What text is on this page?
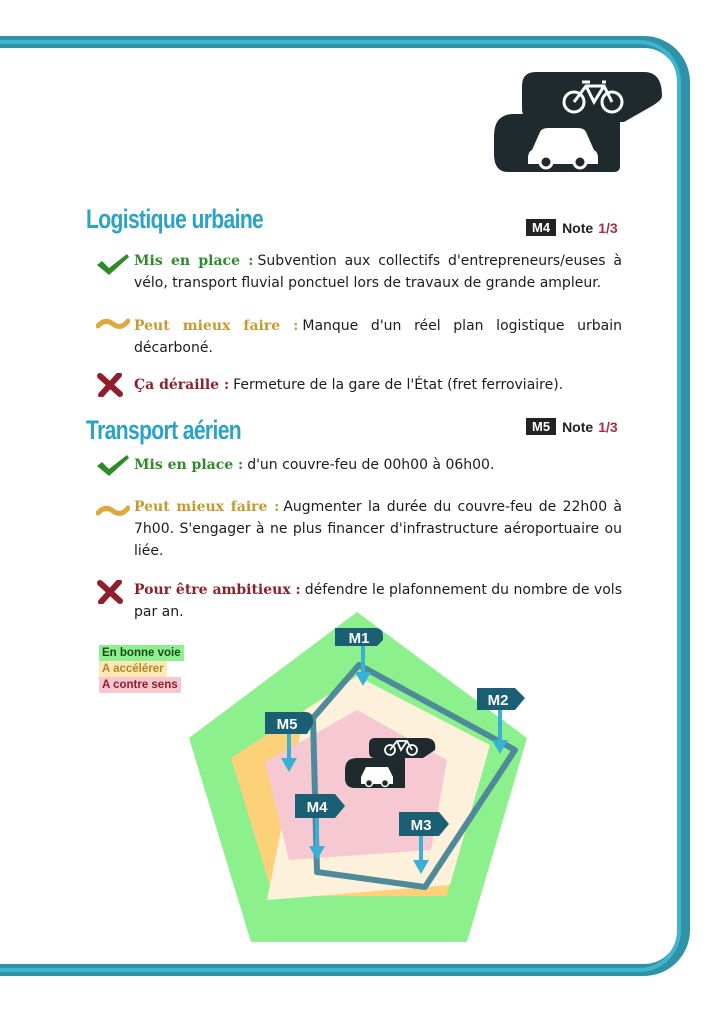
Logistique urbaine	M4 Note 1/3
Mis en place : Subvention aux collectifs d'entrepreneurs/euses à vélo, transport fluvial ponctuel lors de travaux de grande ampleur.
Peut mieux faire : Manque d'un réel plan logistique urbain décarboné.
Ça déraille : Fermeture de la gare de l'État (fret ferroviaire).
Transport aérien	M5 Note 1/3
Mis en place : d'un couvre-feu de 00h00 à 06h00.
Peut mieux faire : Augmenter la durée du couvre-feu de 22h00 à 7h00. S'engager à ne plus financer d'infrastructure aéroportuaire ou liée.
Pour être ambitieux : défendre le plafonnement du nombre de vols par an.
En bonne voie
A accélérer
A contre sens
M1
M2
M3
M4
M5
